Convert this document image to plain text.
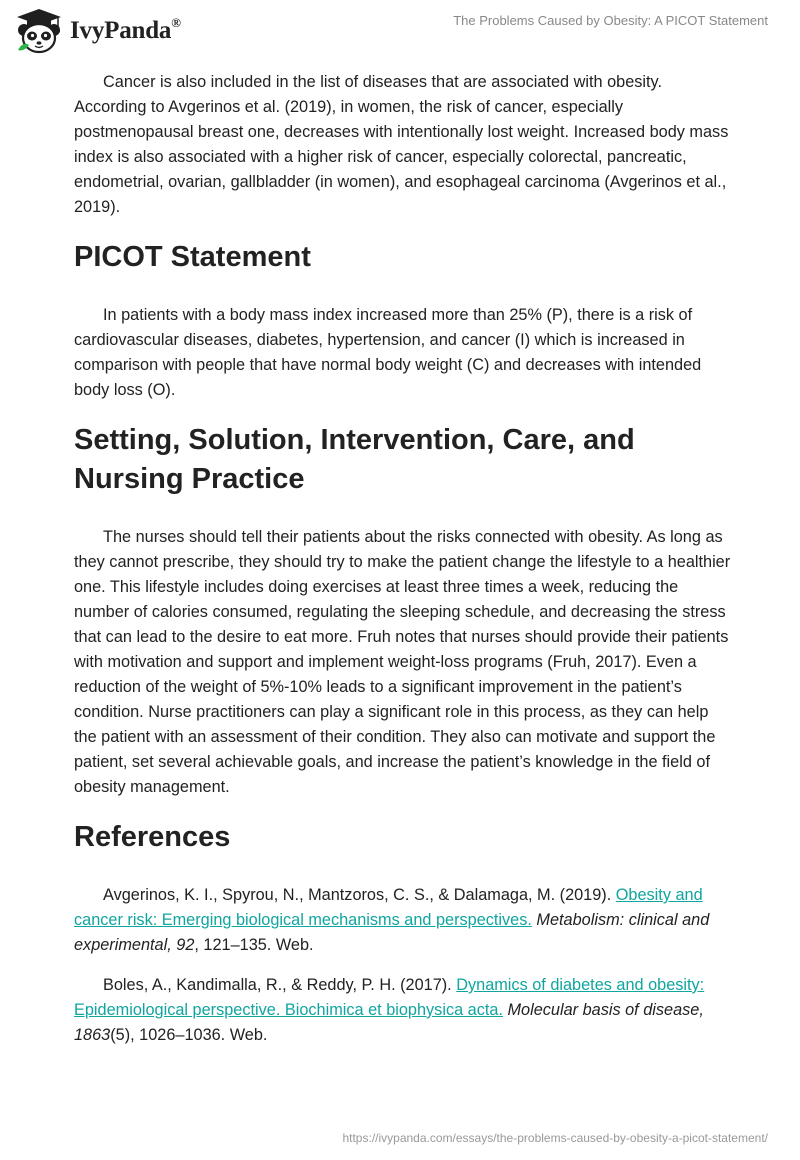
IvyPanda®	The Problems Caused by Obesity: A PICOT Statement

Cancer is also included in the list of diseases that are associated with obesity. According to Avgerinos et al. (2019), in women, the risk of cancer, especially postmenopausal breast one, decreases with intentionally lost weight. Increased body mass index is also associated with a higher risk of cancer, especially colorectal, pancreatic, endometrial, ovarian, gallbladder (in women), and esophageal carcinoma (Avgerinos et al., 2019).

PICOT Statement

In patients with a body mass index increased more than 25% (P), there is a risk of cardiovascular diseases, diabetes, hypertension, and cancer (I) which is increased in comparison with people that have normal body weight (C) and decreases with intended body loss (O).

Setting, Solution, Intervention, Care, and Nursing Practice

The nurses should tell their patients about the risks connected with obesity. As long as they cannot prescribe, they should try to make the patient change the lifestyle to a healthier one. This lifestyle includes doing exercises at least three times a week, reducing the number of calories consumed, regulating the sleeping schedule, and decreasing the stress that can lead to the desire to eat more. Fruh notes that nurses should provide their patients with motivation and support and implement weight-loss programs (Fruh, 2017). Even a reduction of the weight of 5%-10% leads to a significant improvement in the patient’s condition. Nurse practitioners can play a significant role in this process, as they can help the patient with an assessment of their condition. They also can motivate and support the patient, set several achievable goals, and increase the patient’s knowledge in the field of obesity management.

References

Avgerinos, K. I., Spyrou, N., Mantzoros, C. S., & Dalamaga, M. (2019). Obesity and cancer risk: Emerging biological mechanisms and perspectives. Metabolism: clinical and experimental, 92, 121–135. Web.

Boles, A., Kandimalla, R., & Reddy, P. H. (2017). Dynamics of diabetes and obesity: Epidemiological perspective. Biochimica et biophysica acta. Molecular basis of disease, 1863(5), 1026–1036. Web.

https://ivypanda.com/essays/the-problems-caused-by-obesity-a-picot-statement/
